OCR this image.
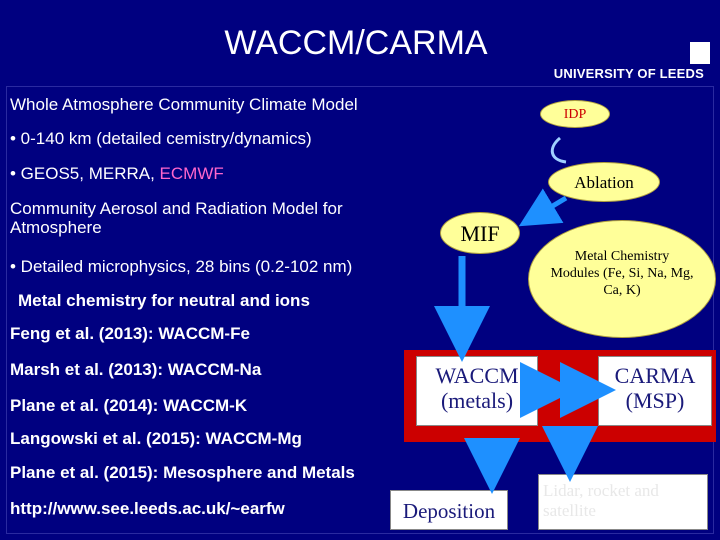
WACCM/CARMA
UNIVERSITY OF LEEDS
Whole Atmosphere Community Climate Model
• 0-140 km (detailed cemistry/dynamics)
• GEOS5, MERRA, ECMWF
Community Aerosol and Radiation Model for Atmosphere
• Detailed microphysics, 28 bins (0.2-102 nm)
Metal chemistry for neutral and ions
Feng et al. (2013): WACCM-Fe
Marsh et al. (2013): WACCM-Na
Plane et al. (2014): WACCM-K
Langowski et al. (2015): WACCM-Mg
Plane et al. (2015): Mesosphere and Metals
http://www.see.leeds.ac.uk/~earfw
IDP
Ablation
MIF
Metal Chemistry Modules (Fe, Si, Na, Mg, Ca, K)
WACCM
(metals)
CARMA
(MSP)
Deposition
Lidar, rocket and satellite
